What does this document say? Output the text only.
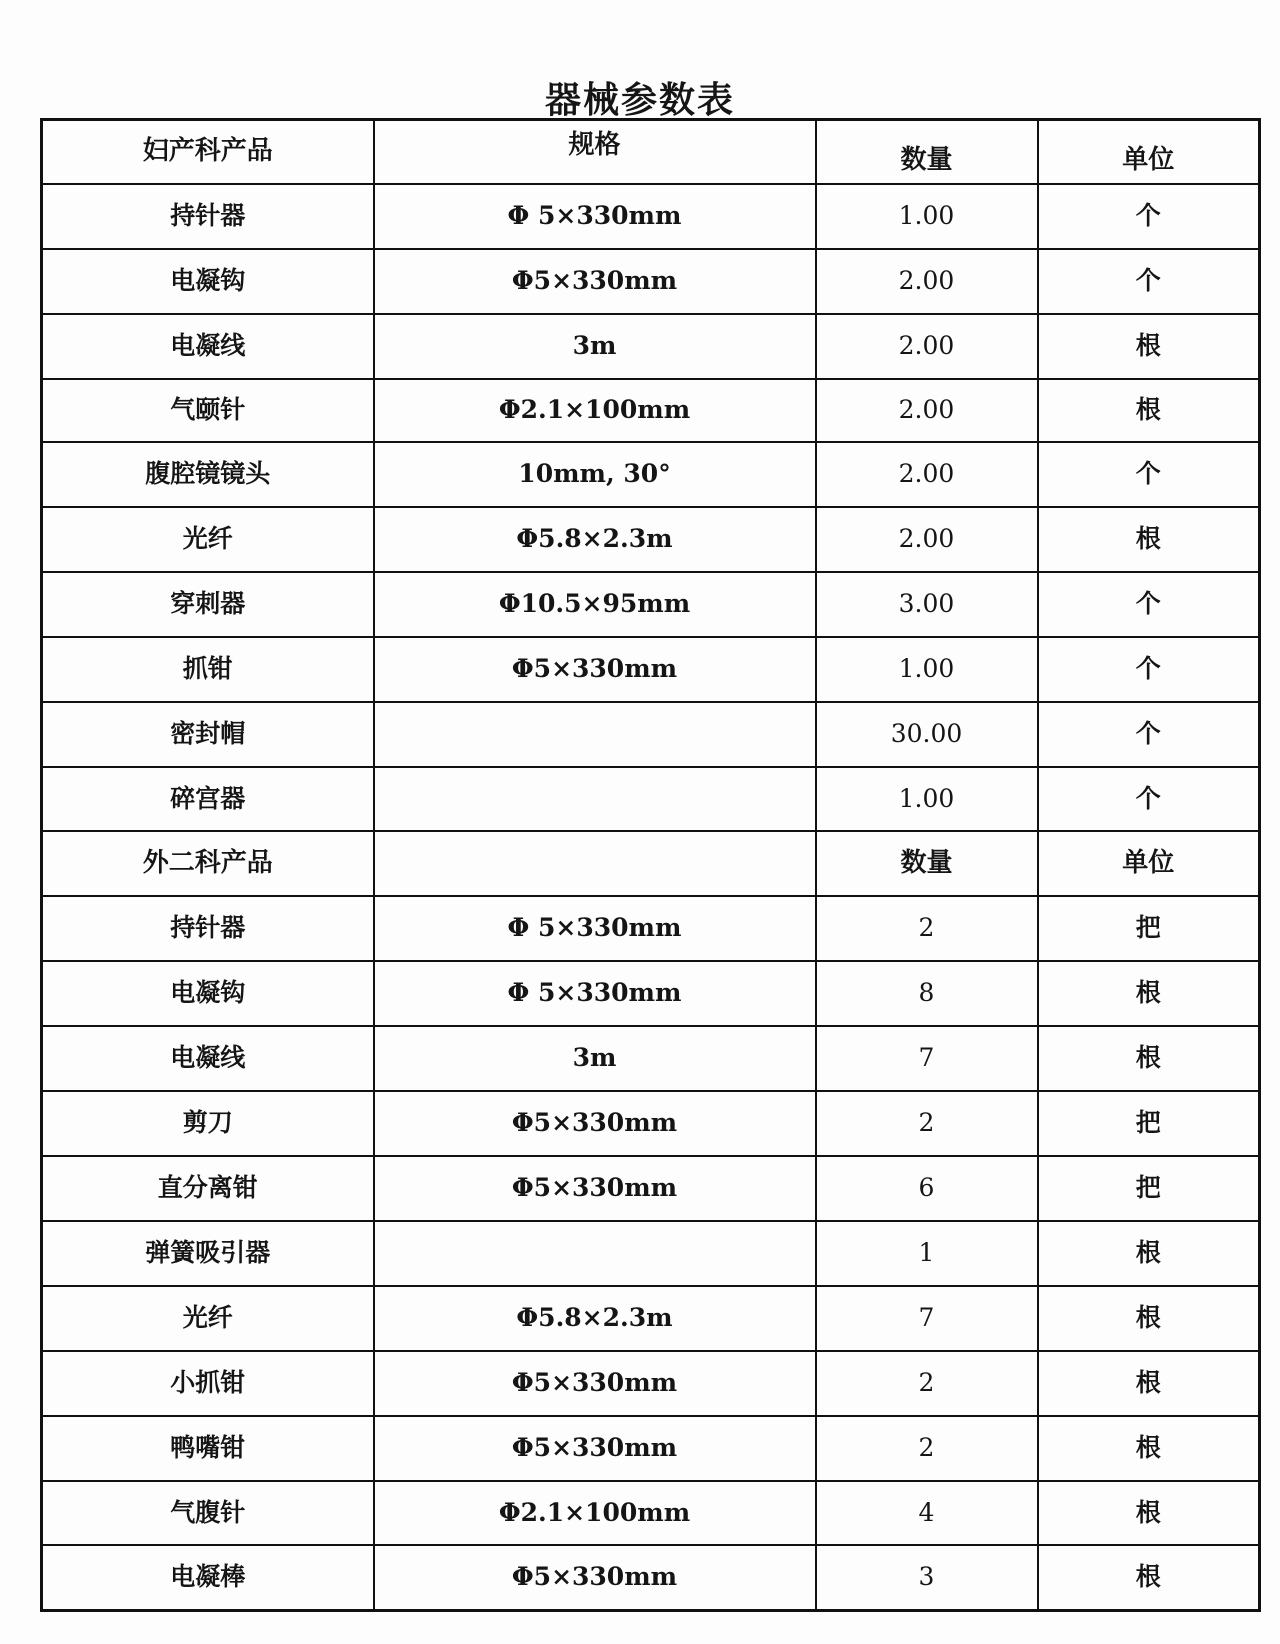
器械参数表
妇产科产品	规格	数量	单位
持针器	Φ 5×330mm	1.00	个
电凝钩	Φ5×330mm	2.00	个
电凝线	3m	2.00	根
气颐针	Φ2.1×100mm	2.00	根
腹腔镜镜头	10mm, 30°	2.00	个
光纤	Φ5.8×2.3m	2.00	根
穿刺器	Φ10.5×95mm	3.00	个
抓钳	Φ5×330mm	1.00	个
密封帽		30.00	个
碎宫器		1.00	个
外二科产品		数量	单位
持针器	Φ 5×330mm	2	把
电凝钩	Φ 5×330mm	8	根
电凝线	3m	7	根
剪刀	Φ5×330mm	2	把
直分离钳	Φ5×330mm	6	把
弹簧吸引器		1	根
光纤	Φ5.8×2.3m	7	根
小抓钳	Φ5×330mm	2	根
鸭嘴钳	Φ5×330mm	2	根
气腹针	Φ2.1×100mm	4	根
电凝棒	Φ5×330mm	3	根
